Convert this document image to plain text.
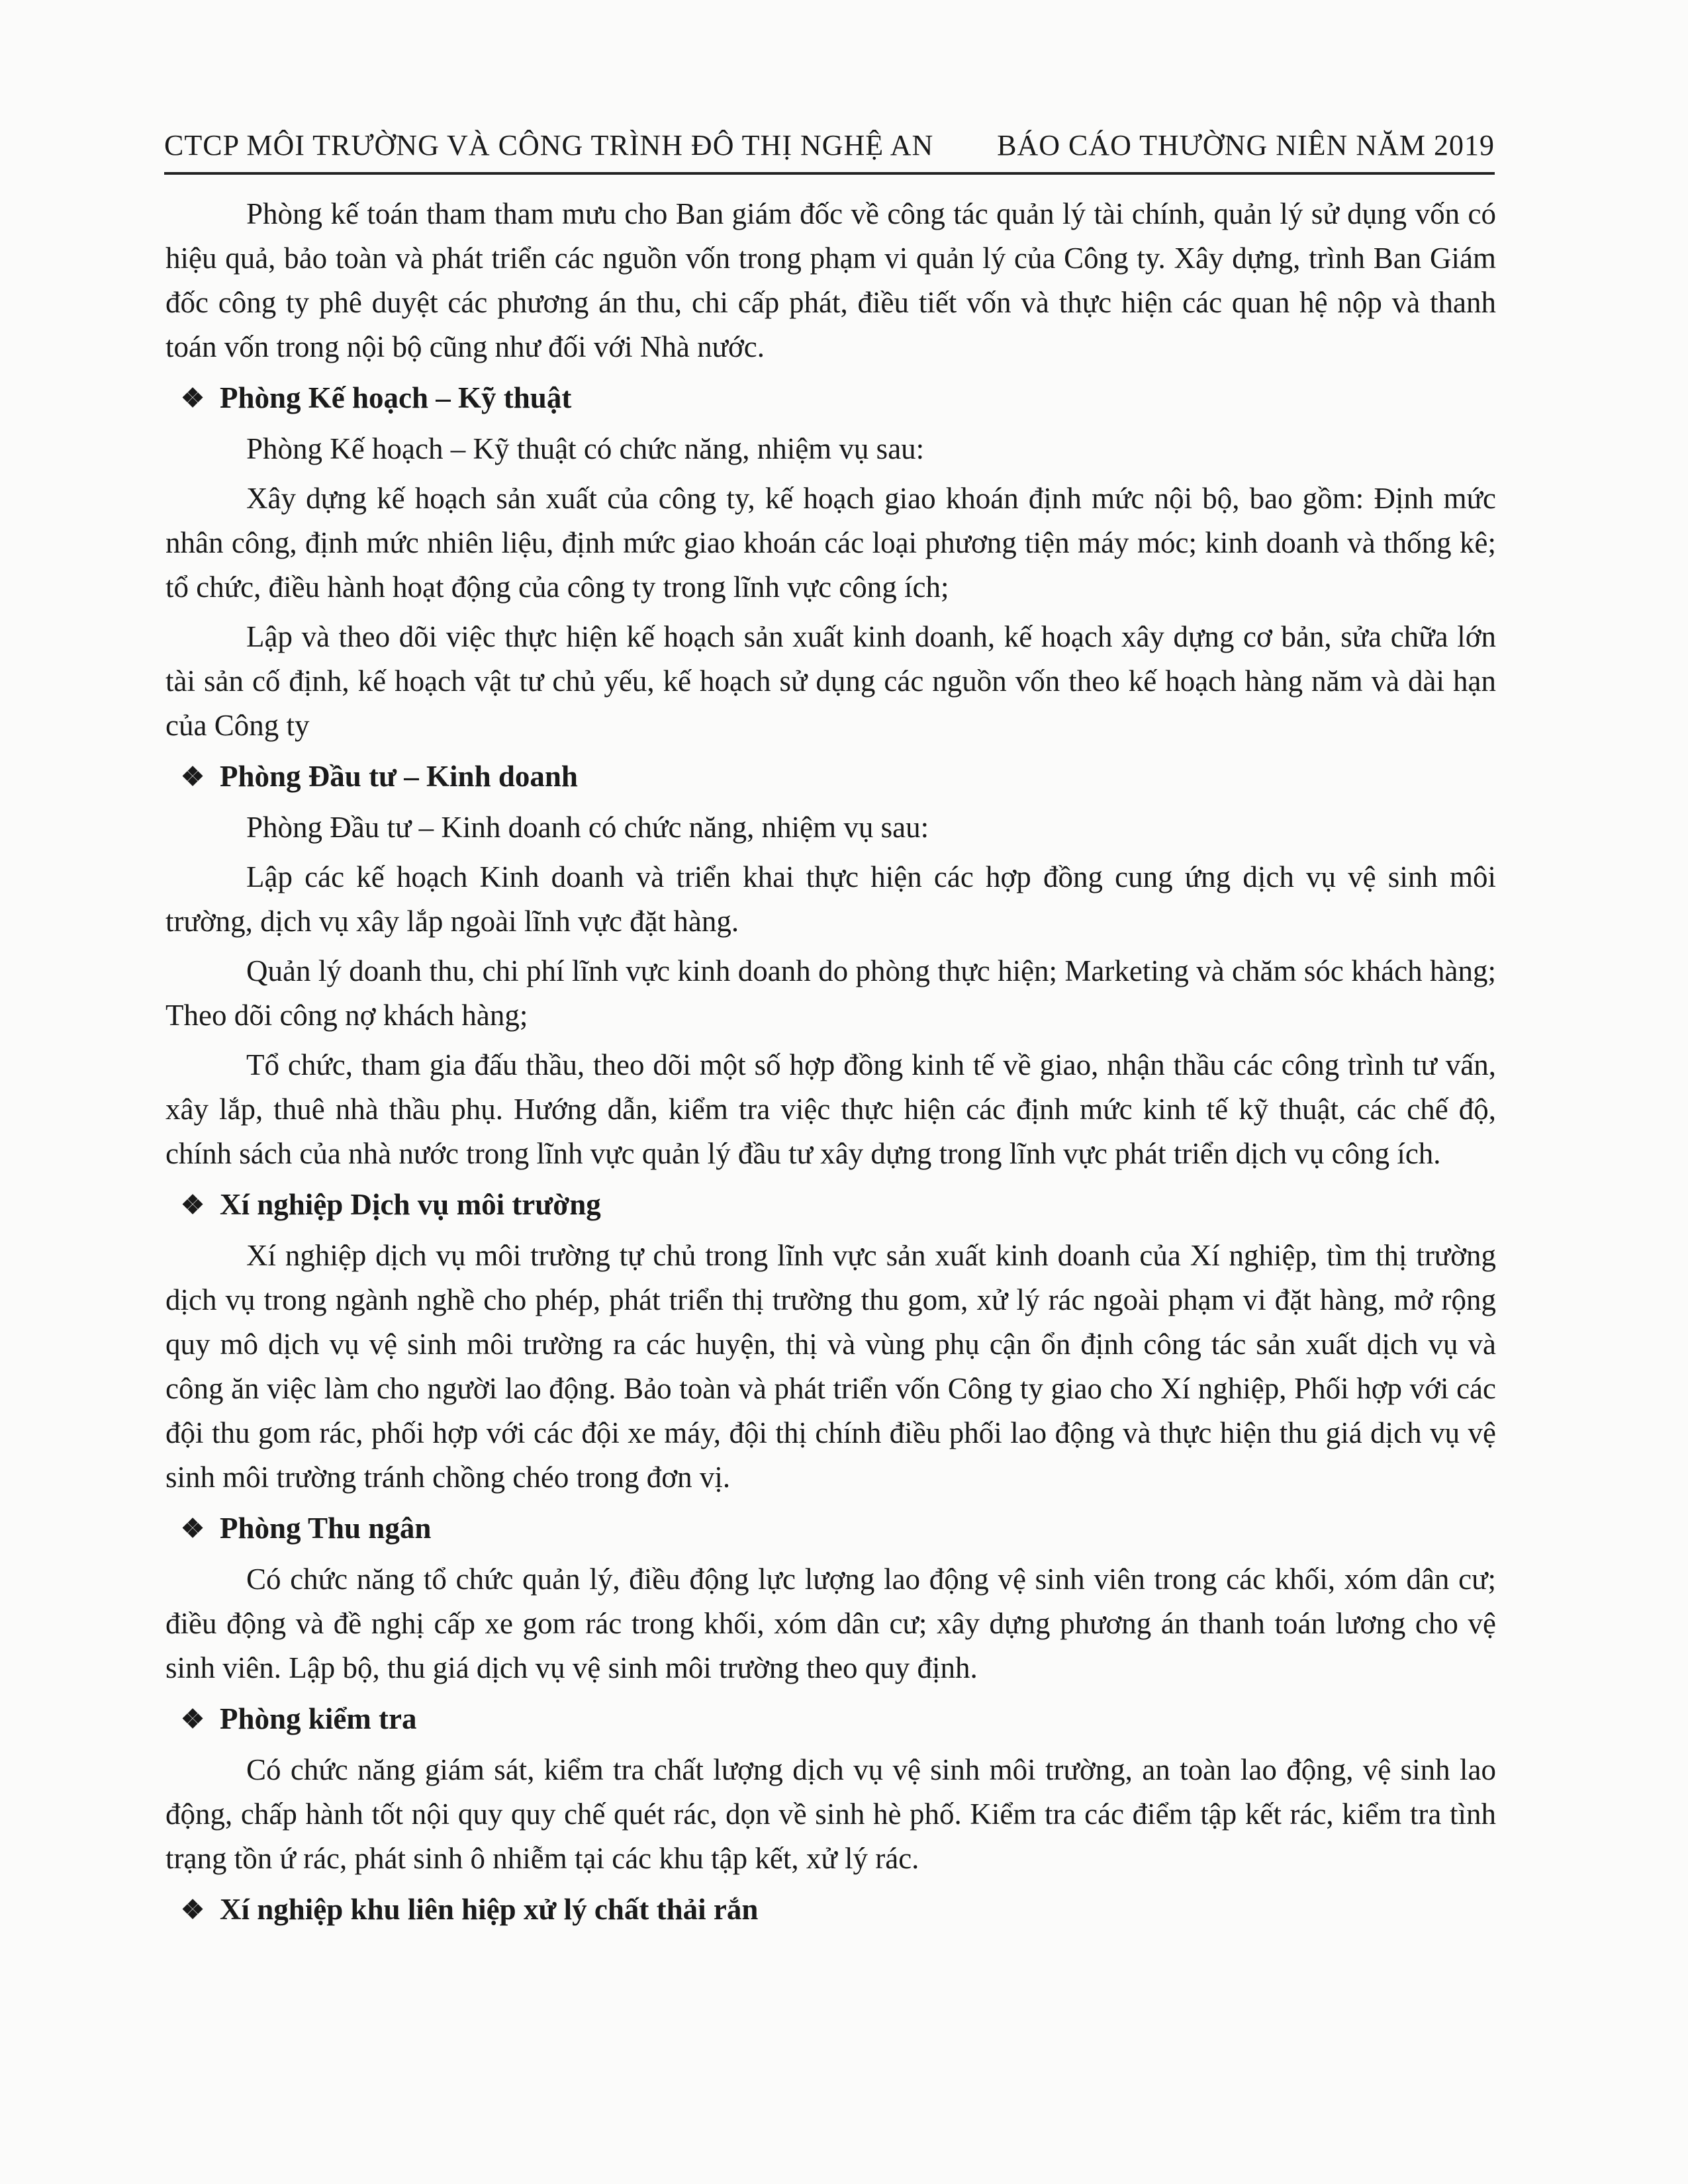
CTCP MÔI TRƯỜNG VÀ CÔNG TRÌNH ĐÔ THỊ NGHỆ AN BÁO CÁO THƯỜNG NIÊN NĂM 2019

Phòng kế toán tham tham mưu cho Ban giám đốc về công tác quản lý tài chính, quản lý sử dụng vốn có hiệu quả, bảo toàn và phát triển các nguồn vốn trong phạm vi quản lý của Công ty. Xây dựng, trình Ban Giám đốc công ty phê duyệt các phương án thu, chi cấp phát, điều tiết vốn và thực hiện các quan hệ nộp và thanh toán vốn trong nội bộ cũng như đối với Nhà nước.

❖ Phòng Kế hoạch – Kỹ thuật

Phòng Kế hoạch – Kỹ thuật có chức năng, nhiệm vụ sau:

Xây dựng kế hoạch sản xuất của công ty, kế hoạch giao khoán định mức nội bộ, bao gồm: Định mức nhân công, định mức nhiên liệu, định mức giao khoán các loại phương tiện máy móc; kinh doanh và thống kê; tổ chức, điều hành hoạt động của công ty trong lĩnh vực công ích;

Lập và theo dõi việc thực hiện kế hoạch sản xuất kinh doanh, kế hoạch xây dựng cơ bản, sửa chữa lớn tài sản cố định, kế hoạch vật tư chủ yếu, kế hoạch sử dụng các nguồn vốn theo kế hoạch hàng năm và dài hạn của Công ty

❖ Phòng Đầu tư – Kinh doanh

Phòng Đầu tư – Kinh doanh có chức năng, nhiệm vụ sau:

Lập các kế hoạch Kinh doanh và triển khai thực hiện các hợp đồng cung ứng dịch vụ vệ sinh môi trường, dịch vụ xây lắp ngoài lĩnh vực đặt hàng.

Quản lý doanh thu, chi phí lĩnh vực kinh doanh do phòng thực hiện; Marketing và chăm sóc khách hàng; Theo dõi công nợ khách hàng;

Tổ chức, tham gia đấu thầu, theo dõi một số hợp đồng kinh tế về giao, nhận thầu các công trình tư vấn, xây lắp, thuê nhà thầu phụ. Hướng dẫn, kiểm tra việc thực hiện các định mức kinh tế kỹ thuật, các chế độ, chính sách của nhà nước trong lĩnh vực quản lý đầu tư xây dựng trong lĩnh vực phát triển dịch vụ công ích.

❖ Xí nghiệp Dịch vụ môi trường

Xí nghiệp dịch vụ môi trường tự chủ trong lĩnh vực sản xuất kinh doanh của Xí nghiệp, tìm thị trường dịch vụ trong ngành nghề cho phép, phát triển thị trường thu gom, xử lý rác ngoài phạm vi đặt hàng, mở rộng quy mô dịch vụ vệ sinh môi trường ra các huyện, thị và vùng phụ cận ổn định công tác sản xuất dịch vụ và công ăn việc làm cho người lao động. Bảo toàn và phát triển vốn Công ty giao cho Xí nghiệp, Phối hợp với các đội thu gom rác, phối hợp với các đội xe máy, đội thị chính điều phối lao động và thực hiện thu giá dịch vụ vệ sinh môi trường tránh chồng chéo trong đơn vị.

❖ Phòng Thu ngân

Có chức năng tổ chức quản lý, điều động lực lượng lao động vệ sinh viên trong các khối, xóm dân cư; điều động và đề nghị cấp xe gom rác trong khối, xóm dân cư; xây dựng phương án thanh toán lương cho vệ sinh viên. Lập bộ, thu giá dịch vụ vệ sinh môi trường theo quy định.

❖ Phòng kiểm tra

Có chức năng giám sát, kiểm tra chất lượng dịch vụ vệ sinh môi trường, an toàn lao động, vệ sinh lao động, chấp hành tốt nội quy quy chế quét rác, dọn về sinh hè phố. Kiểm tra các điểm tập kết rác, kiểm tra tình trạng tồn ứ rác, phát sinh ô nhiễm tại các khu tập kết, xử lý rác.

❖ Xí nghiệp khu liên hiệp xử lý chất thải rắn
